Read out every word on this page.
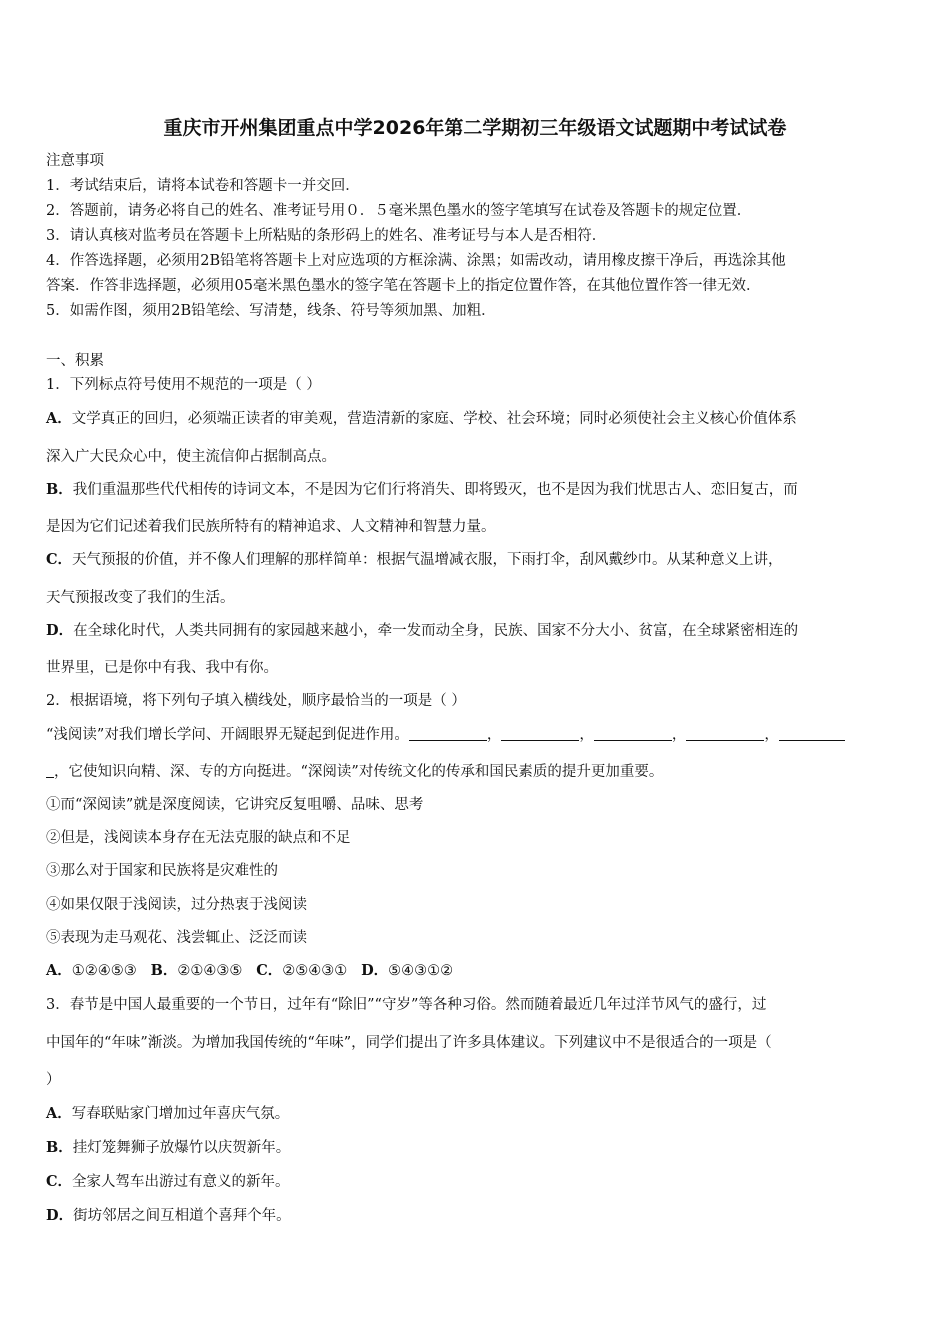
重庆市开州集团重点中学2026年第二学期初三年级语文试题期中考试试卷
注意事项
1．考试结束后，请将本试卷和答题卡一并交回．
2．答题前，请务必将自己的姓名、准考证号用０．５毫米黑色墨水的签字笔填写在试卷及答题卡的规定位置．
3．请认真核对监考员在答题卡上所粘贴的条形码上的姓名、准考证号与本人是否相符．
4．作答选择题，必须用2B铅笔将答题卡上对应选项的方框涂满、涂黑；如需改动，请用橡皮擦干净后，再选涂其他
答案．作答非选择题，必须用05毫米黑色墨水的签字笔在答题卡上的指定位置作答，在其他位置作答一律无效．
5．如需作图，须用2B铅笔绘、写清楚，线条、符号等须加黑、加粗．
一、积累
1．下列标点符号使用不规范的一项是（ ）
A．文学真正的回归，必须端正读者的审美观，营造清新的家庭、学校、社会环境；同时必须使社会主义核心价值体系
深入广大民众心中，使主流信仰占据制高点。
B．我们重温那些代代相传的诗词文本，不是因为它们行将消失、即将毁灭，也不是因为我们忧思古人、恋旧复古，而
是因为它们记述着我们民族所特有的精神追求、人文精神和智慧力量。
C．天气预报的价值，并不像人们理解的那样简单：根据气温增减衣服，下雨打伞，刮风戴纱巾。从某种意义上讲，
天气预报改变了我们的生活。
D．在全球化时代，人类共同拥有的家园越来越小，牵一发而动全身，民族、国家不分大小、贫富，在全球紧密相连的
世界里，已是你中有我、我中有你。
2．根据语境，将下列句子填入横线处，顺序最恰当的一项是（ ）
“浅阅读”对我们增长学问、开阔眼界无疑起到促进作用。	，	，	，	，
，它使知识向精、深、专的方向挺进。“深阅读”对传统文化的传承和国民素质的提升更加重要。
①而“深阅读”就是深度阅读，它讲究反复咀嚼、品味、思考
②但是，浅阅读本身存在无法克服的缺点和不足
③那么对于国家和民族将是灾难性的
④如果仅限于浅阅读，过分热衷于浅阅读
⑤表现为走马观花、浅尝辄止、泛泛而读
A．①②④⑤③ B．②①④③⑤ C．②⑤④③① D．⑤④③①②
3．春节是中国人最重要的一个节日，过年有“除旧”“守岁”等各种习俗。然而随着最近几年过洋节风气的盛行，过
中国年的“年味”渐淡。为增加我国传统的“年味”，同学们提出了许多具体建议。下列建议中不是很适合的一项是（
）
A．写春联贴家门增加过年喜庆气氛。
B．挂灯笼舞狮子放爆竹以庆贺新年。
C．全家人驾车出游过有意义的新年。
D．街坊邻居之间互相道个喜拜个年。
